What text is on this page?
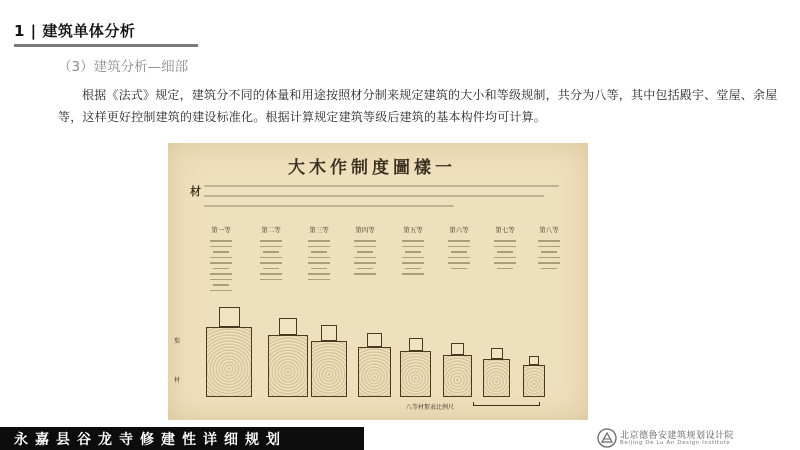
1 | 建筑单体分析
（3）建筑分析—细部
根据《法式》规定，建筑分不同的体量和用途按照材分制来规定建筑的大小和等级规制，共分为八等，其中包括殿宇、堂屋、余屋等，这样更好控制建筑的建设标准化。根据计算规定建筑等级后建筑的基本构件均可计算。
大木作制度圖樣一
材
第一等	第二等	第三等	第四等	第五等	第六等	第七等	第八等
梨
材
八等材絜表比例尺
永嘉县谷龙寺修建性详细规划	北京德鲁安建筑规划设计院
Beijing De Lu An Design Institute
